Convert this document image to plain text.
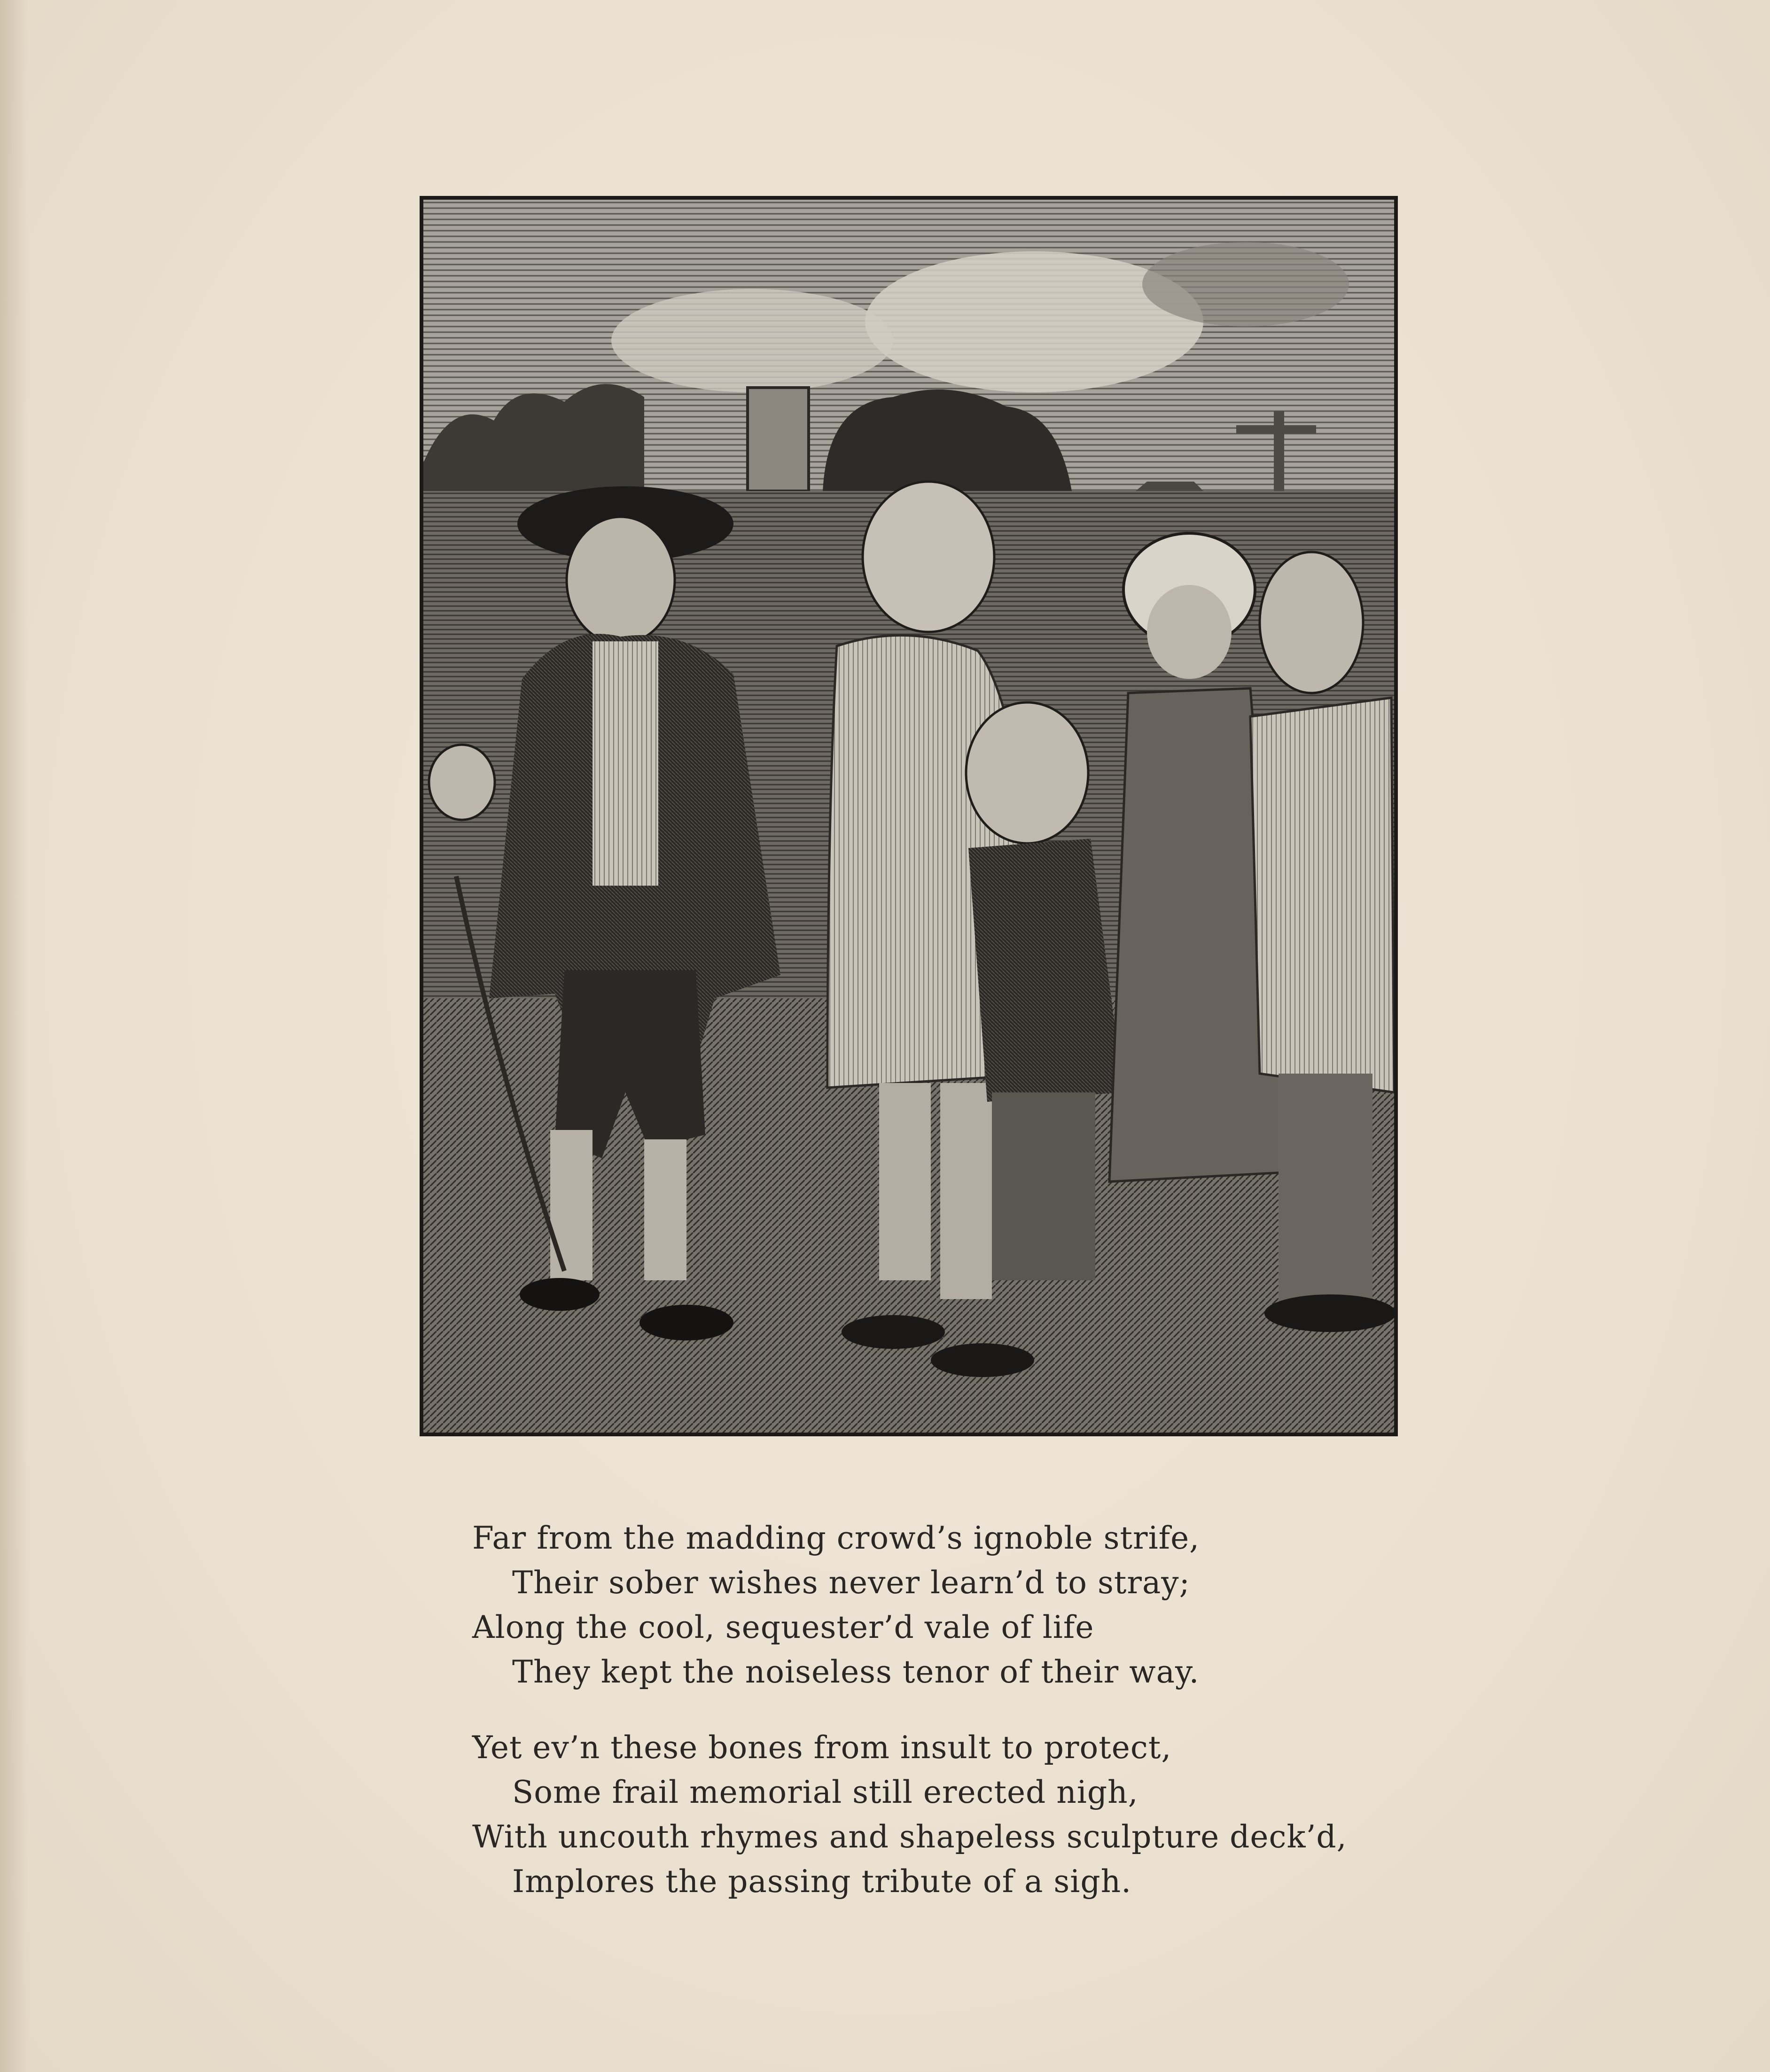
Far from the madding crowd’s ignoble strife,
Their sober wishes never learn’d to stray;
Along the cool, sequester’d vale of life
They kept the noiseless tenor of their way.
Yet ev’n these bones from insult to protect,
Some frail memorial still erected nigh,
With uncouth rhymes and shapeless sculpture deck’d,
Implores the passing tribute of a sigh.
